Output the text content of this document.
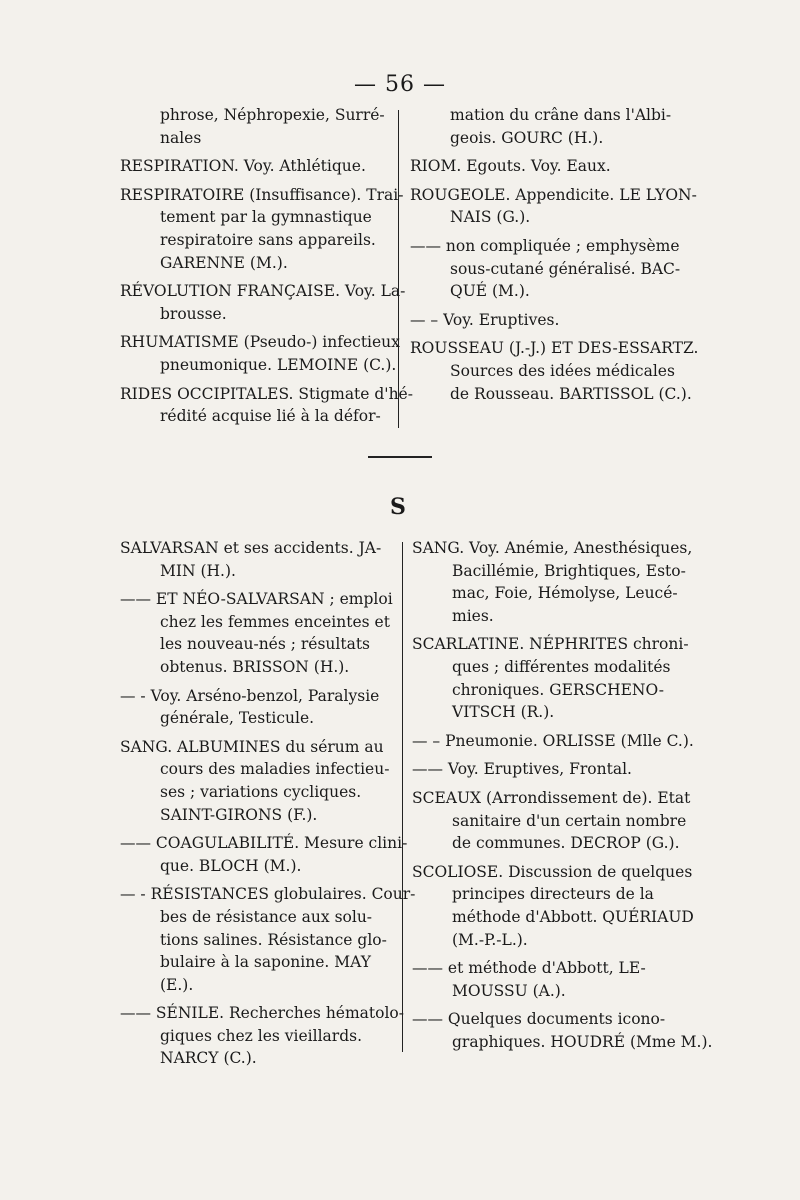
— 56 —
phrose, Néphropexie, Surré-
nales
RESPIRATION. Voy. Athlétique.
RESPIRATOIRE (Insuffisance). Trai-
tement par la gymnastique
respiratoire sans appareils.
GARENNE (M.).
RÉVOLUTION FRANÇAISE. Voy. La-
brousse.
RHUMATISME (Pseudo-) infectieux
pneumonique. LEMOINE (C.).
RIDES OCCIPITALES. Stigmate d'hé-
rédité acquise lié à la défor-
mation du crâne dans l'Albi-
geois. GOURC (H.).
RIOM. Egouts. Voy. Eaux.
ROUGEOLE. Appendicite. LE LYON-
NAIS (G.).
—— non compliquée ; emphysème
sous-cutané généralisé. BAC-
QUÉ (M.).
— – Voy. Eruptives.
ROUSSEAU (J.-J.) ET DES-ESSARTZ.
Sources des idées médicales
de Rousseau. BARTISSOL (C.).
S
SALVARSAN et ses accidents. JA-
MIN (H.).
—— ET NÉO-SALVARSAN ; emploi
chez les femmes enceintes et
les nouveau-nés ; résultats
obtenus. BRISSON (H.).
— - Voy. Arséno-benzol, Paralysie
générale, Testicule.
SANG. ALBUMINES du sérum au
cours des maladies infectieu-
ses ; variations cycliques.
SAINT-GIRONS (F.).
—— COAGULABILITÉ. Mesure clini-
que. BLOCH (M.).
— - RÉSISTANCES globulaires. Cour-
bes de résistance aux solu-
tions salines. Résistance glo-
bulaire à la saponine. MAY
(E.).
—— SÉNILE. Recherches hématolo-
giques chez les vieillards.
NARCY (C.).
SANG. Voy. Anémie, Anesthésiques,
Bacillémie, Brightiques, Esto-
mac, Foie, Hémolyse, Leucé-
mies.
SCARLATINE. NÉPHRITES chroni-
ques ; différentes modalités
chroniques. GERSCHENO-
VITSCH (R.).
— – Pneumonie. ORLISSE (Mlle C.).
—— Voy. Eruptives, Frontal.
SCEAUX (Arrondissement de). Etat
sanitaire d'un certain nombre
de communes. DECROP (G.).
SCOLIOSE. Discussion de quelques
principes directeurs de la
méthode d'Abbott. QUÉRIAUD
(M.-P.-L.).
—— et méthode d'Abbott, LE-
MOUSSU (A.).
—— Quelques documents icono-
graphiques. HOUDRÉ (Mme M.).
